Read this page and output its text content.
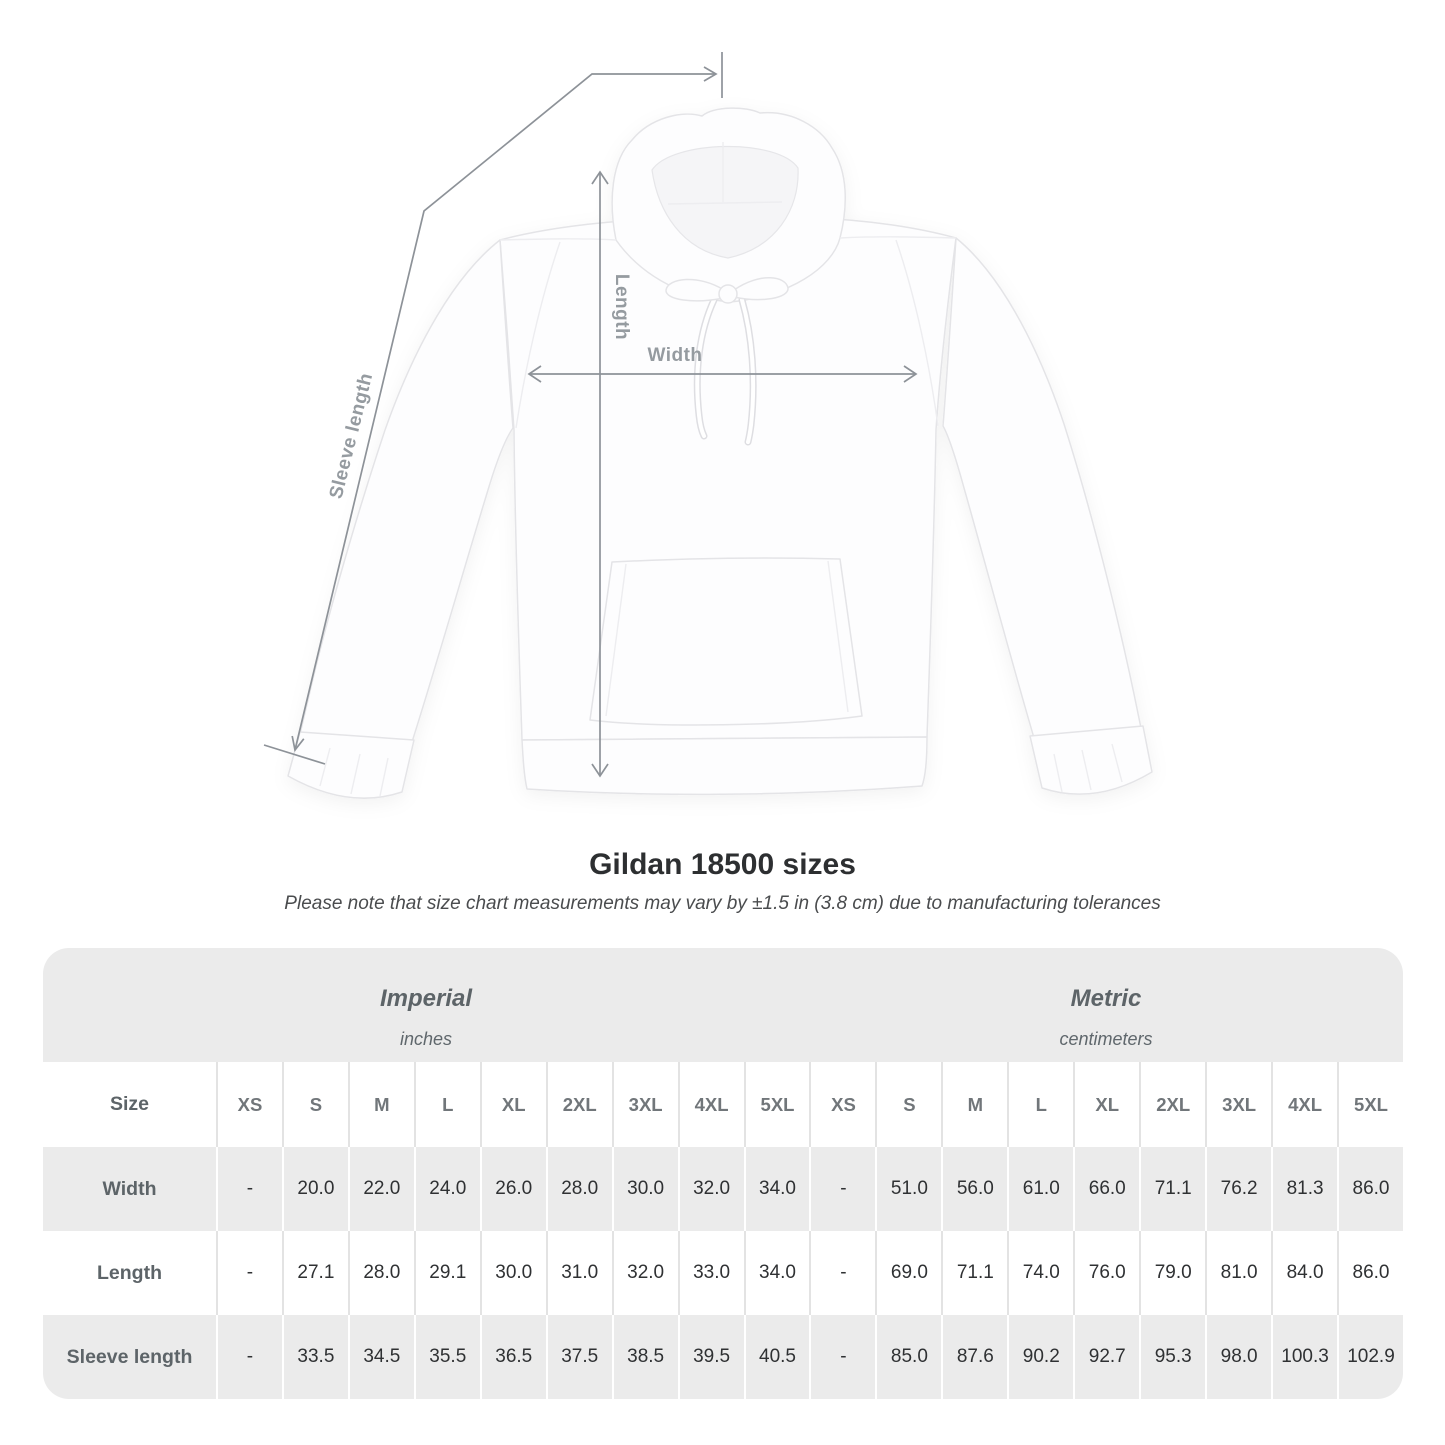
Width
Length
Sleeve length
Gildan 18500 sizes
Please note that size chart measurements may vary by ±1.5 in (3.8 cm) due to manufacturing tolerances
Imperial
inches
Metric
centimeters
Size	XS	S	M	L	XL	2XL	3XL	4XL	5XL	XS	S	M	L	XL	2XL	3XL	4XL	5XL
Width	-	20.0	22.0	24.0	26.0	28.0	30.0	32.0	34.0	-	51.0	56.0	61.0	66.0	71.1	76.2	81.3	86.0
Length	-	27.1	28.0	29.1	30.0	31.0	32.0	33.0	34.0	-	69.0	71.1	74.0	76.0	79.0	81.0	84.0	86.0
Sleeve length	-	33.5	34.5	35.5	36.5	37.5	38.5	39.5	40.5	-	85.0	87.6	90.2	92.7	95.3	98.0	100.3 102.9
